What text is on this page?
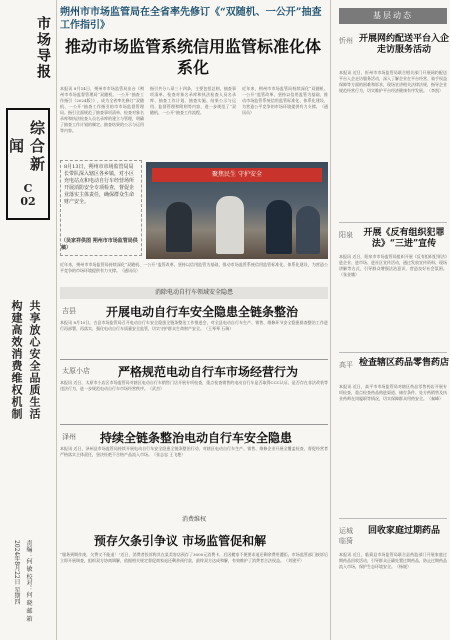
市场导报
综合新闻
C
02
构建高效消费维权机制 共享放心安全品质生活
2024年8月22日 星期四 责编：何 敏 校对：何 晓 邮 箱
朔州市市场监管局在全省率先修订《“双随机、一公开”抽查工作指引》
推动市场监管系统信用监管标准化体系化
本报讯 8月14日，朔州市市场监管局出台《朔州市市场监督管理局“双随机、一公开”抽查工作指引（2024版）》，成为全省率先修订“双随机、一公开”抽查工作指引的市市场监督管理局。指引全面规范了抽查事项清单、检查对象名录库和执法检查人员名录库的建立与管理，明确了抽查工作计划的制定、抽查结果的公示与运用等内容。
指引共分八章三十四条，主要包括总则、抽查事项清单、检查对象名录库和执法检查人员名录库、抽查工作计划、抽查实施、结果公示与运用、监督管理和附则等内容，进一步规范了“双随机、一公开”抽查工作流程。
近年来，朔州市市场监管局持续深化“双随机、一公开”监管改革，坚持以信用监管为基础，推动市场监管系统信用监管标准化、体系化建设，为营造公平竞争的市场环境提供有力支撑。（通讯员）
8月13日，朔州市市场监管局局长带队深入辖区各乡镇，对小区充电站点和电动自行车经营场所开展消防安全专项检查，督促企业落实主体责任，确保群众生命财产安全。
（吴家祥供图 朔州市市场监管局供稿）
聚焦民生 守护安全
近年来，朔州市市场监管局持续深化“双随机、一公开”监管改革，坚持以信用监管为基础，推动市场监管系统信用监管标准化、体系化建设，为营造公平竞争的市场环境提供有力支撑。（通讯员）
消除电动自行车领域安全隐患
吉县	开展电动自行车安全隐患全链条整治
本报讯 8月10日，吉县市场监管局召开电动自行车安全隐患全链条整治工作推进会，对全县电动自行车生产、销售、维修环节安全隐患排查整治工作进行再部署、再落实，强化电动自行车质量安全监管，切实守护群众生命财产安全。（王琴琴 石瑞）
太原小店 严格规范电动自行车市场经营行为
本报讯 近日，太原市小店区市场监管局对辖区电动自行车销售门店开展专项检查，重点检查销售的电动自行车是否取得CCC认证、是否存在非法改装等违法行为，进一步规范电动自行车市场经营秩序。（武杰）
泽州 持续全链条整治电动自行车安全隐患
本报讯 近日，泽州县市场监管局持续开展电动自行车安全隐患全链条整治行动，对辖区电动自行车生产、销售、维修企业开展全覆盖检查，督促经营者严格落实主体责任，坚决杜绝不合格产品流入市场。（张志忠 王飞艳）
消费维权
预存欠条引争议 市场监管促和解
“服务到期作废，欠费又不能退！”近日，消费者投诉称其在某美容店预存了3000元消费卡，后因搬家不便要求退还剩余费用遭拒。市场监管部门接诉后立即开展调查，组织双方协商调解，依据相关规定督促商家退还剩余预付款，最终双方达成和解，有效维护了消费者合法权益。（刘建平）
基层动态
忻州 开展网约配送平台入企走访服务活动
本报讯 近日，忻州市市场监管局联合相关部门开展网约配送平台入企走访服务活动，深入了解企业在平台经营、骑手权益保障等方面的困难和诉求，现场宣讲相关法律法规，指导企业规范经营行为，切实维护平台经济健康有序发展。（李凯）
阳泉	开展《反有组织犯罪法》“三进”宣传
本报讯 近日，阳泉市市场监管局组织开展《反有组织犯罪法》进企业、进市场、进社区宣传活动，通过发放宣传资料、现场讲解等方式，引导群众增强法治意识，营造良好社会氛围。（张金娥）
高平 检查辖区药品零售药店
本报讯 近日，高平市市场监管局对辖区药品零售药店开展专项检查，重点检查药品购进渠道、储存条件、处方药销售及执业药师在岗履职等情况，切实保障群众用药安全。（秦峰）
运城临猗
回收家庭过期药品
本报讯 近日，临猗县市场监管局联合县药监部门开展家庭过期药品回收活动，引导群众正确处置过期药品，防止过期药品流入市场，保护生态环境安全。（杨媛）
